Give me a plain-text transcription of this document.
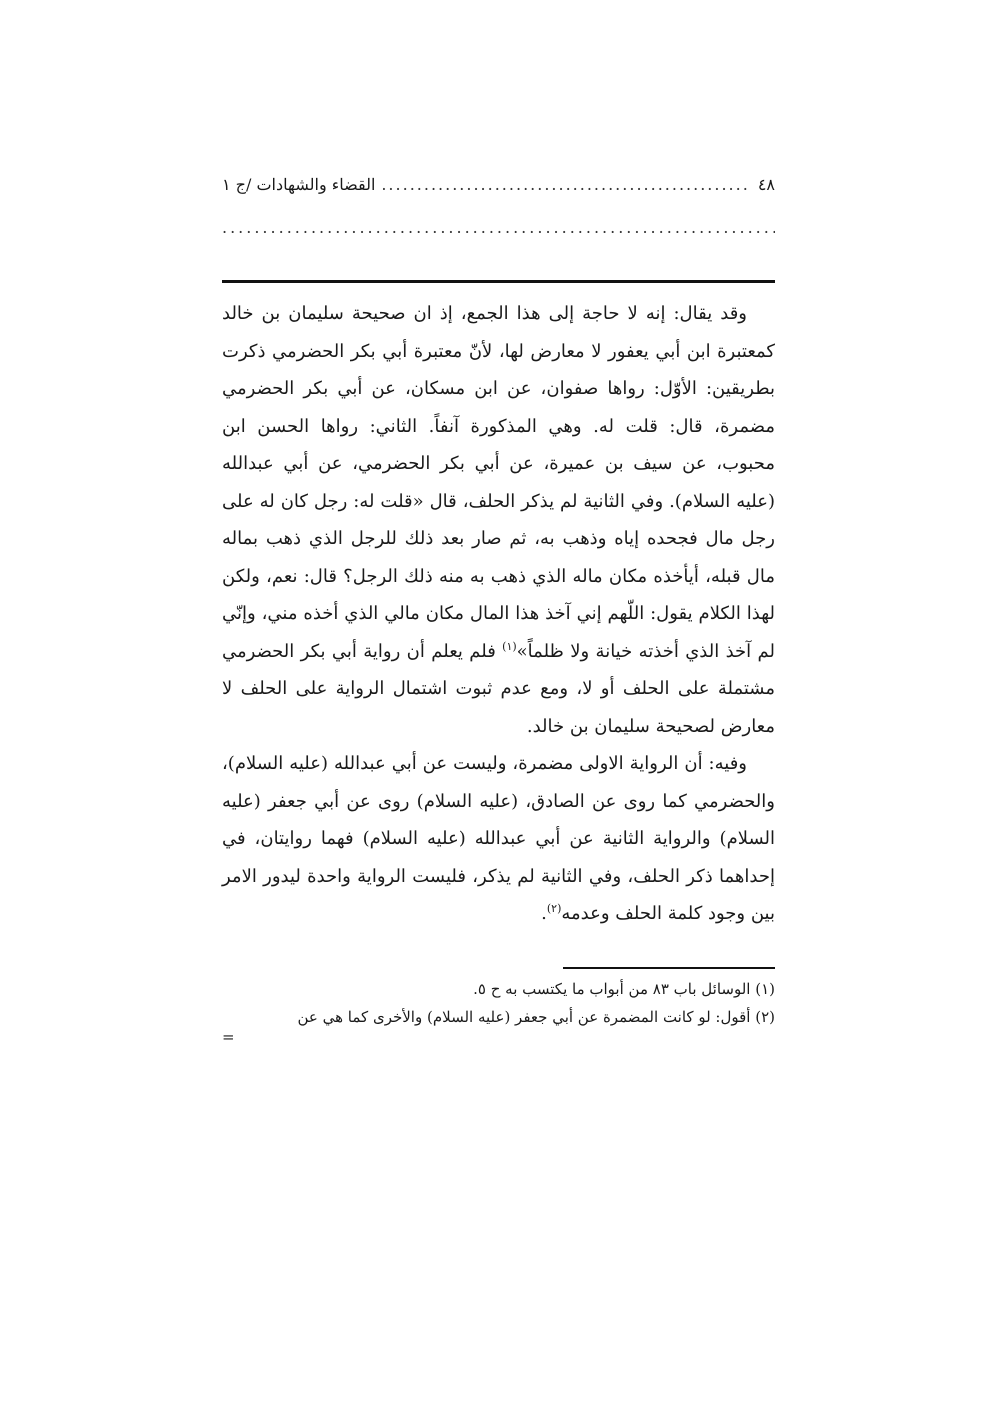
٤٨
.....
القضاء والشهادات /ج ١
.....

وقد يقال: إنه لا حاجة إلى هذا الجمع، إذ ان صحيحة سليمان بن خالد كمعتبرة ابن أبي يعفور لا معارض لها، لأنّ معتبرة أبي بكر الحضرمي ذكرت بطريقين: الأوّل: رواها صفوان، عن ابن مسكان، عن أبي بكر الحضرمي مضمرة، قال: قلت له. وهي المذكورة آنفاً. الثاني: رواها الحسن ابن محبوب، عن سيف بن عميرة، عن أبي بكر الحضرمي، عن أبي عبدالله (عليه السلام). وفي الثانية لم يذكر الحلف، قال «قلت له: رجل كان له على رجل مال فجحده إياه وذهب به، ثم صار بعد ذلك للرجل الذي ذهب بماله مال قبله، أيأخذه مكان ماله الذي ذهب به منه ذلك الرجل؟ قال: نعم، ولكن لهذا الكلام يقول: اللّهم إني آخذ هذا المال مكان مالي الذي أخذه مني، وإنّي لم آخذ الذي أخذته خيانة ولا ظلماً»$^{(١)}$ فلم يعلم أن رواية أبي بكر الحضرمي مشتملة على الحلف أو لا، ومع عدم ثبوت اشتمال الرواية على الحلف لا معارض لصحيحة سليمان بن خالد.

وفيه: أن الرواية الاولى مضمرة، وليست عن أبي عبدالله (عليه السلام)، والحضرمي كما روى عن الصادق، (عليه السلام) روى عن أبي جعفر (عليه السلام) والرواية الثانية عن أبي عبدالله (عليه السلام) فهما روايتان، في إحداهما ذكر الحلف، وفي الثانية لم يذكر، فليست الرواية واحدة ليدور الامر بين وجود كلمة الحلف وعدمه$^{(٢)}$.

(١) الوسائل باب ٨٣ من أبواب ما يكتسب به ح ٥.

(٢) أقول: لو كانت المضمرة عن أبي جعفر (عليه السلام) والأخرى كما هي عن

=
